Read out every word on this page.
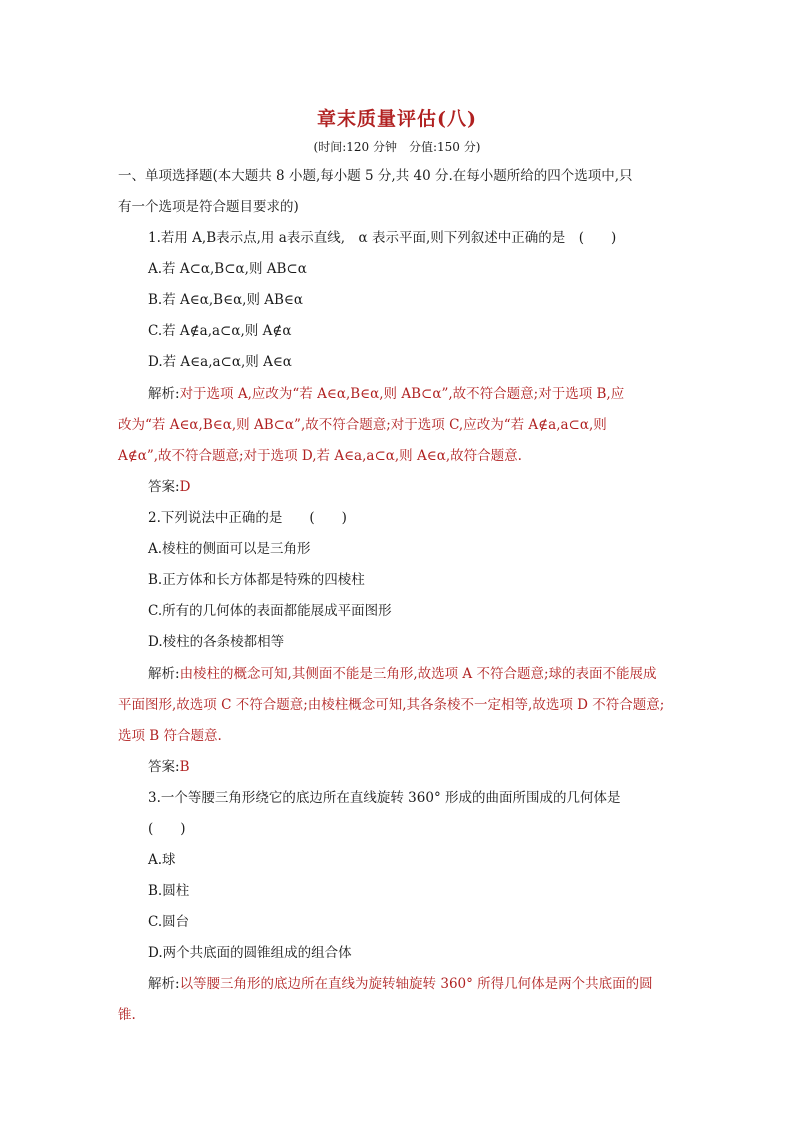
章末质量评估(八)
(时间:120 分钟　分值:150 分)
一、单项选择题(本大题共 8 小题,每小题 5 分,共 40 分.在每小题所给的四个选项中,只
有一个选项是符合题目要求的)
1.若用 A,B表示点,用 a表示直线,　α 表示平面,则下列叙述中正确的是　(　　)
A.若 A⊂α,B⊂α,则 AB⊂α
B.若 A∈α,B∈α,则 AB∈α
C.若 A∉a,a⊂α,则 A∉α
D.若 A∈a,a⊂α,则 A∈α
解析:对于选项 A,应改为“若 A∈α,B∈α,则 AB⊂α”,故不符合题意;对于选项 B,应
改为“若 A∈α,B∈α,则 AB⊂α”,故不符合题意;对于选项 C,应改为“若 A∉a,a⊂α,则
A∉α”,故不符合题意;对于选项 D,若 A∈a,a⊂α,则 A∈α,故符合题意.
答案:D
2.下列说法中正确的是　　(　　)
A.棱柱的侧面可以是三角形
B.正方体和长方体都是特殊的四棱柱
C.所有的几何体的表面都能展成平面图形
D.棱柱的各条棱都相等
解析:由棱柱的概念可知,其侧面不能是三角形,故选项 A 不符合题意;球的表面不能展成
平面图形,故选项 C 不符合题意;由棱柱概念可知,其各条棱不一定相等,故选项 D 不符合题意;
选项 B 符合题意.
答案:B
3.一个等腰三角形绕它的底边所在直线旋转 360° 形成的曲面所围成的几何体是
(　　)
A.球
B.圆柱
C.圆台
D.两个共底面的圆锥组成的组合体
解析:以等腰三角形的底边所在直线为旋转轴旋转 360° 所得几何体是两个共底面的圆
锥.
